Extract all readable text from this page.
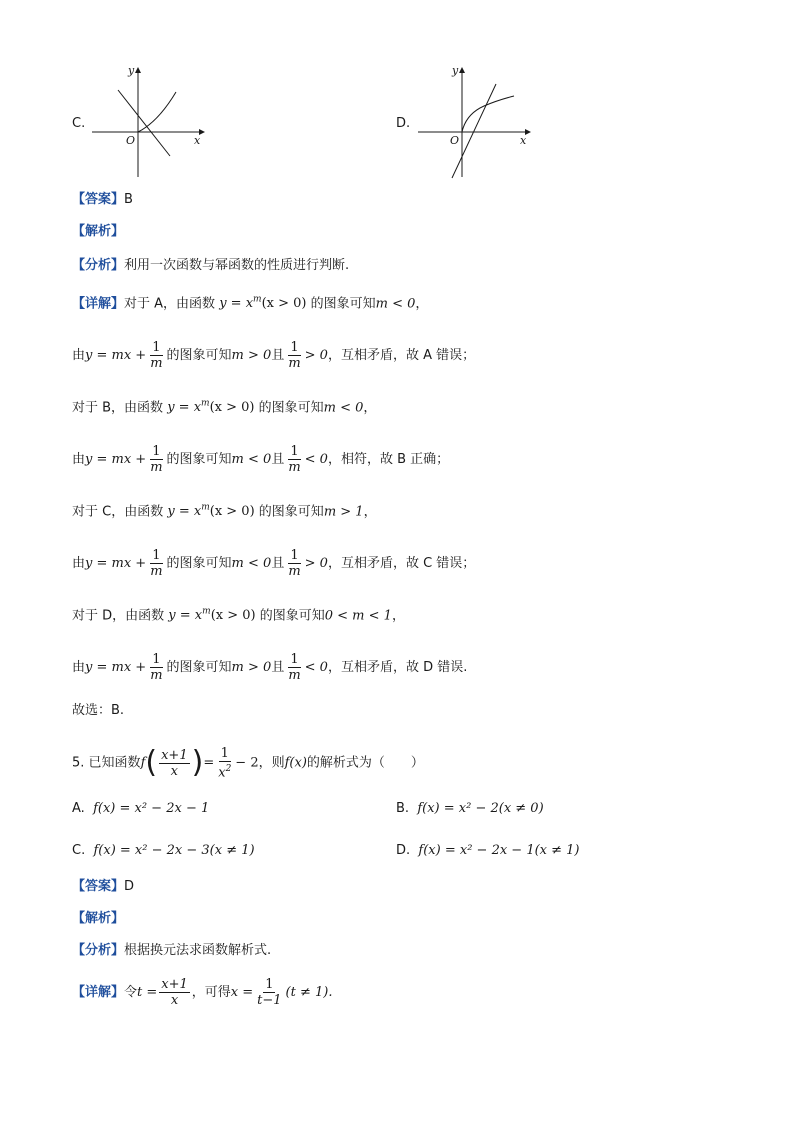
C.
y
x
O
D.
y
x
O
【答案】B
【解析】
【分析】利用一次函数与幂函数的性质进行判断.
【详解】对于 A，由函数 $y = x^m(x > 0)$ 的图象可知m < 0，
由y = mx + $\frac{1}{m}$ 的图象可知m > 0且 $\frac{1}{m} > 0$，互相矛盾，故 A 错误；
对于 B，由函数 $y = x^m(x > 0)$ 的图象可知m < 0，
由y = mx + $\frac{1}{m}$ 的图象可知m < 0且 $\frac{1}{m} < 0$，相符，故 B 正确；
对于 C，由函数 $y = x^m(x > 0)$ 的图象可知m > 1，
由y = mx + $\frac{1}{m}$ 的图象可知m < 0且 $\frac{1}{m} > 0$，互相矛盾，故 C 错误；
对于 D，由函数 $y = x^m(x > 0)$ 的图象可知0 < m < 1，
由y = mx + $\frac{1}{m}$ 的图象可知m > 0且 $\frac{1}{m} < 0$，互相矛盾，故 D 错误.
故选：B.
5. 已知函数$f( \frac{x+1}{x}$ )= $\frac{1}{x^2} - 2$，则f(x)的解析式为（　　）
A. f(x) = x² − 2x − 1	B. f(x) = x² − 2(x ≠ 0)
C. f(x) = x² − 2x − 3(x ≠ 1)	D. f(x) = x² − 2x − 1(x ≠ 1)
【答案】D
【解析】
【分析】根据换元法求函数解析式.
【详解】令$t = \frac{x+1}{x}$ ，可得$x = \frac{1}{t-1} (t \ne 1)$.
